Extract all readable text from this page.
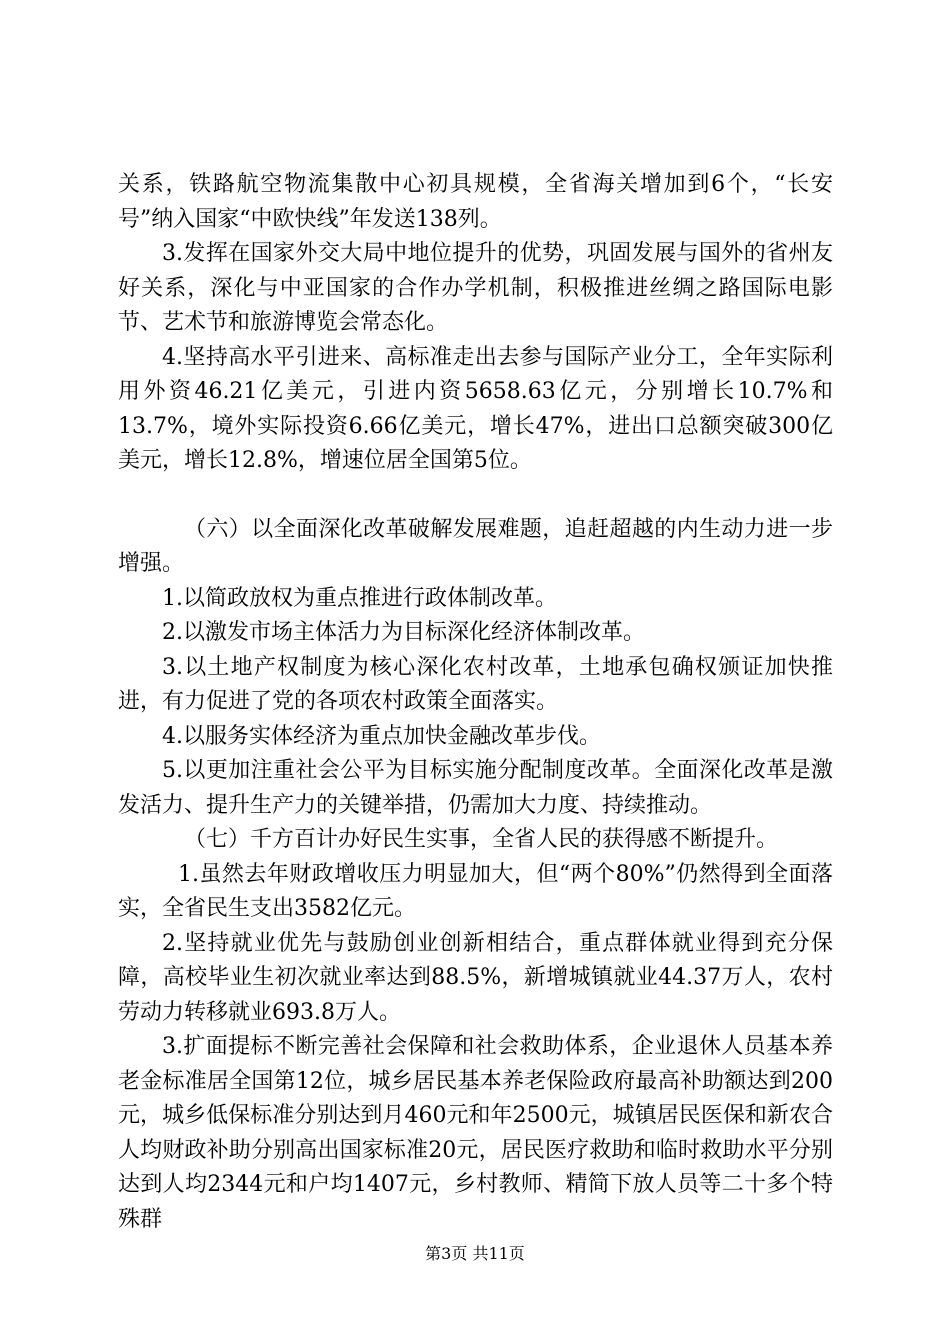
关系，铁路航空物流集散中心初具规模，全省海关增加到6个，“长安号”纳入国家“中欧快线”年发送138列。

3.发挥在国家外交大局中地位提升的优势，巩固发展与国外的省州友好关系，深化与中亚国家的合作办学机制，积极推进丝绸之路国际电影节、艺术节和旅游博览会常态化。

4.坚持高水平引进来、高标准走出去参与国际产业分工，全年实际利用外资46.21亿美元，引进内资5658.63亿元，分别增长10.7%和13.7%，境外实际投资6.66亿美元，增长47%，进出口总额突破300亿美元，增长12.8%，增速位居全国第5位。

（六）以全面深化改革破解发展难题，追赶超越的内生动力进一步增强。

1.以简政放权为重点推进行政体制改革。

2.以激发市场主体活力为目标深化经济体制改革。

3.以土地产权制度为核心深化农村改革，土地承包确权颁证加快推进，有力促进了党的各项农村政策全面落实。

4.以服务实体经济为重点加快金融改革步伐。

5.以更加注重社会公平为目标实施分配制度改革。全面深化改革是激发活力、提升生产力的关键举措，仍需加大力度、持续推动。

（七）千方百计办好民生实事，全省人民的获得感不断提升。

1.虽然去年财政增收压力明显加大，但“两个80%”仍然得到全面落实，全省民生支出3582亿元。

2.坚持就业优先与鼓励创业创新相结合，重点群体就业得到充分保障，高校毕业生初次就业率达到88.5%，新增城镇就业44.37万人，农村劳动力转移就业693.8万人。

3.扩面提标不断完善社会保障和社会救助体系，企业退休人员基本养老金标准居全国第12位，城乡居民基本养老保险政府最高补助额达到200元，城乡低保标准分别达到月460元和年2500元，城镇居民医保和新农合人均财政补助分别高出国家标准20元，居民医疗救助和临时救助水平分别达到人均2344元和户均1407元，乡村教师、精简下放人员等二十多个特殊群

第3页 共11页
